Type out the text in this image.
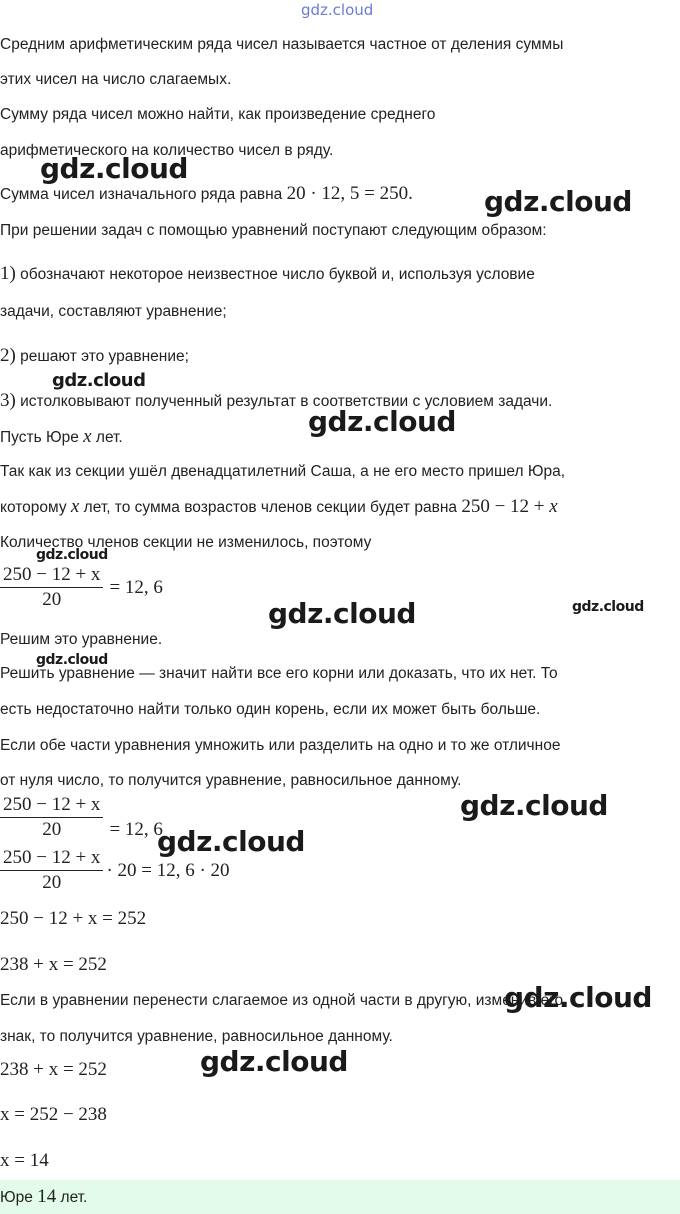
gdz.cloud
Средним арифметическим ряда чисел называется частное от деления суммы
этих чисел на число слагаемых.
Сумму ряда чисел можно найти, как произведение среднего
арифметического на количество чисел в ряду.
Сумма чисел изначального ряда равна 20 · 12, 5 = 250.
При решении задач с помощью уравнений поступают следующим образом:
1) обозначают некоторое неизвестное число буквой и, используя условие
задачи, составляют уравнение;
2) решают это уравнение;
3) истолковывают полученный результат в соответствии с условием задачи.
Пусть Юре x лет.
Так как из секции ушёл двенадцатилетний Саша, а не его место пришел Юра,
которому x лет, то сумма возрастов членов секции будет равна 250 − 12 + x
Количество членов секции не изменилось, поэтому
$\frac{250 - 12 + x}{20} = 12$, 6
Решим это уравнение.
Решить уравнение — значит найти все его корни или доказать, что их нет. То
есть недостаточно найти только один корень, если их может быть больше.
Если обе части уравнения умножить или разделить на одно и то же отличное
от нуля число, то получится уравнение, равносильное данному.
$\frac{250 - 12 + x}{20} = 12$, 6
$\frac{250 - 12 + x}{20} \cdot 20 = 12$, 6 · 20
250 − 12 + x = 252
238 + x = 252
Если в уравнении перенести слагаемое из одной части в другую, изменив его
знак, то получится уравнение, равносильное данному.
238 + x = 252
x = 252 − 238
x = 14
Юре 14 лет.
gdz.cloud
gdz.cloud
gdz.cloud
gdz.cloud
gdz.cloud
gdz.cloud	gdz.cloud
gdz.cloud
gdz.cloud
gdz.cloud
gdz.cloud
gdz.cloud
